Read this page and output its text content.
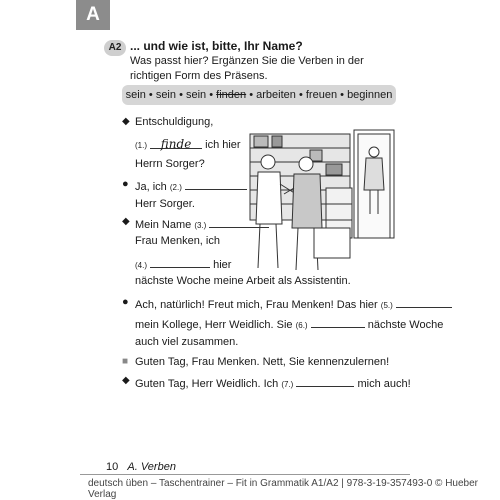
A
A2 ... und wie ist, bitte, Ihr Name?
Was passt hier? Ergänzen Sie die Verben in der richtigen Form des Präsens.
sein • sein • sein • finden • arbeiten • freuen • beginnen
◆ Entschuldigung,
(1.) finde ich hier
Herrn Sorger?
● Ja, ich (2.)
Herr Sorger.
◆ Mein Name (3.)
Frau Menken, ich
(4.)	hier
nächste Woche meine Arbeit als Assistentin.
● Ach, natürlich! Freut mich, Frau Menken! Das hier (5.)
mein Kollege, Herr Weidlich. Sie (6.)	nächste Woche
auch viel zusammen.
■ Guten Tag, Frau Menken. Nett, Sie kennenzulernen!
◆ Guten Tag, Herr Weidlich. Ich (7.)	mich auch!
10 A. Verben
deutsch üben – Taschentrainer – Fit in Grammatik A1/A2 | 978-3-19-357493-0 © Hueber Verlag
